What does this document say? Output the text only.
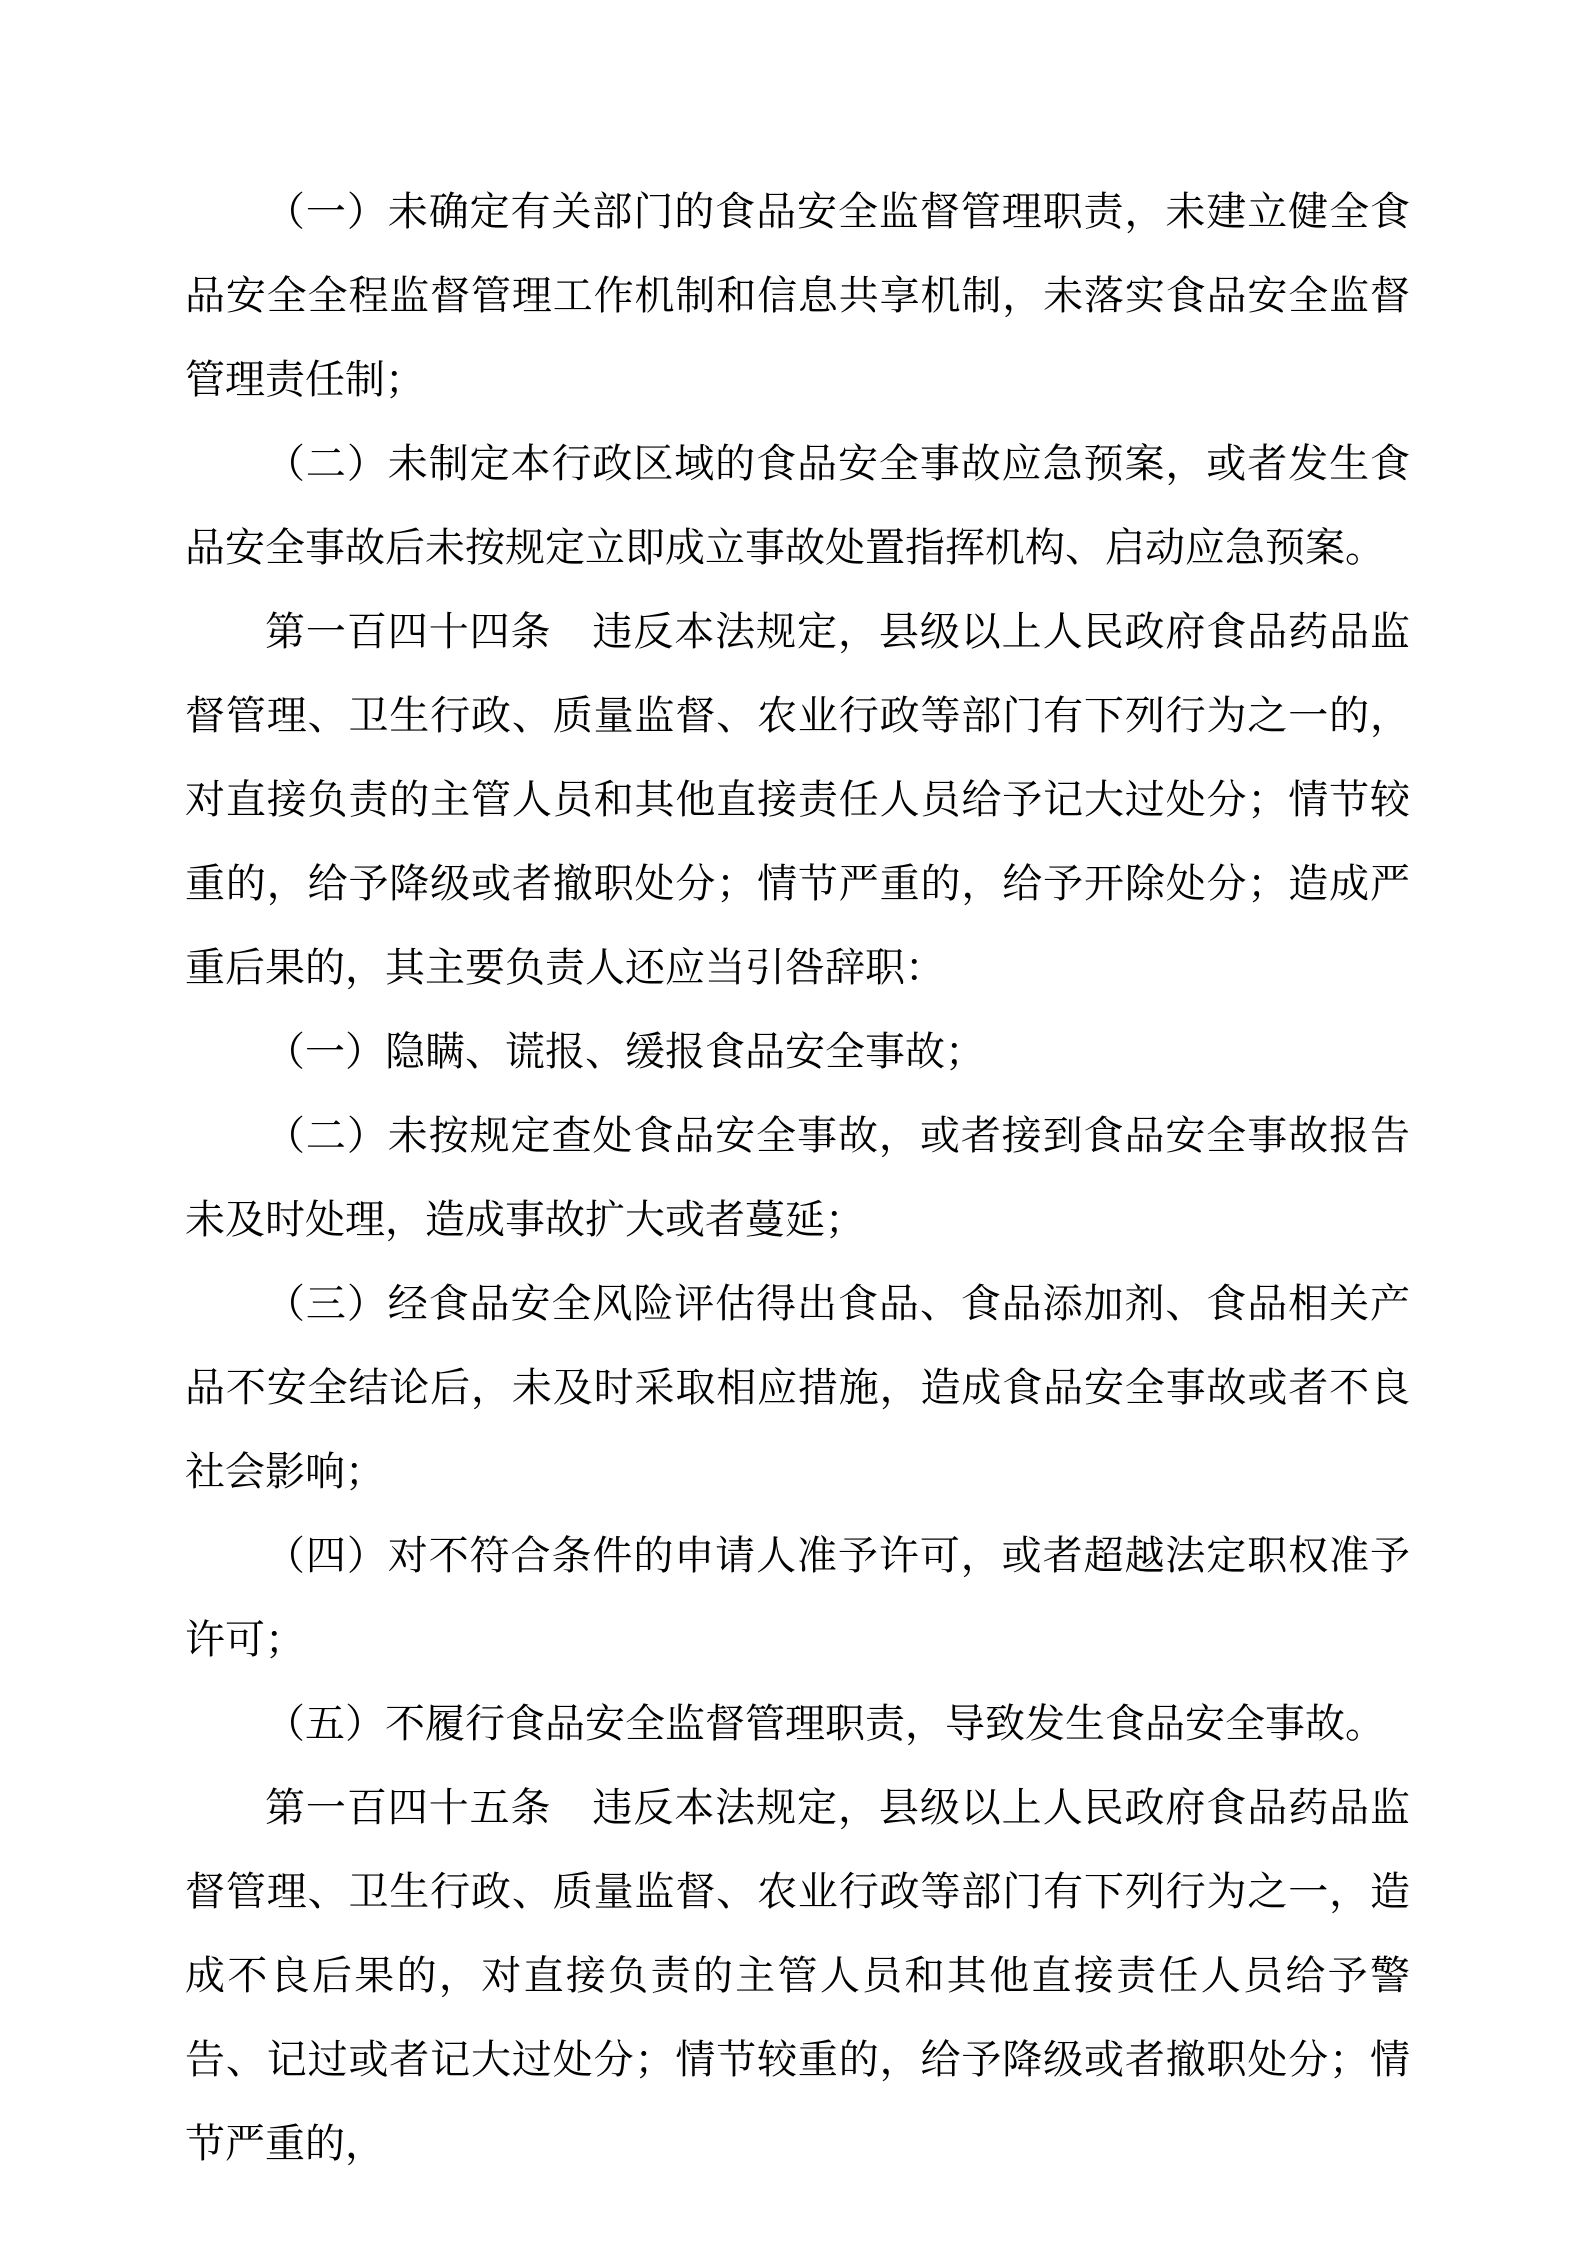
（一）未确定有关部门的食品安全监督管理职责，未建立健全食品安全全程监督管理工作机制和信息共享机制，未落实食品安全监督管理责任制；

（二）未制定本行政区域的食品安全事故应急预案，或者发生食品安全事故后未按规定立即成立事故处置指挥机构、启动应急预案。

第一百四十四条　违反本法规定，县级以上人民政府食品药品监督管理、卫生行政、质量监督、农业行政等部门有下列行为之一的，对直接负责的主管人员和其他直接责任人员给予记大过处分；情节较重的，给予降级或者撤职处分；情节严重的，给予开除处分；造成严重后果的，其主要负责人还应当引咎辞职：

（一）隐瞒、谎报、缓报食品安全事故；

（二）未按规定查处食品安全事故，或者接到食品安全事故报告未及时处理，造成事故扩大或者蔓延；

（三）经食品安全风险评估得出食品、食品添加剂、食品相关产品不安全结论后，未及时采取相应措施，造成食品安全事故或者不良社会影响；

（四）对不符合条件的申请人准予许可，或者超越法定职权准予许可；

（五）不履行食品安全监督管理职责，导致发生食品安全事故。

第一百四十五条　违反本法规定，县级以上人民政府食品药品监督管理、卫生行政、质量监督、农业行政等部门有下列行为之一，造成不良后果的，对直接负责的主管人员和其他直接责任人员给予警告、记过或者记大过处分；情节较重的，给予降级或者撤职处分；情节严重的，
